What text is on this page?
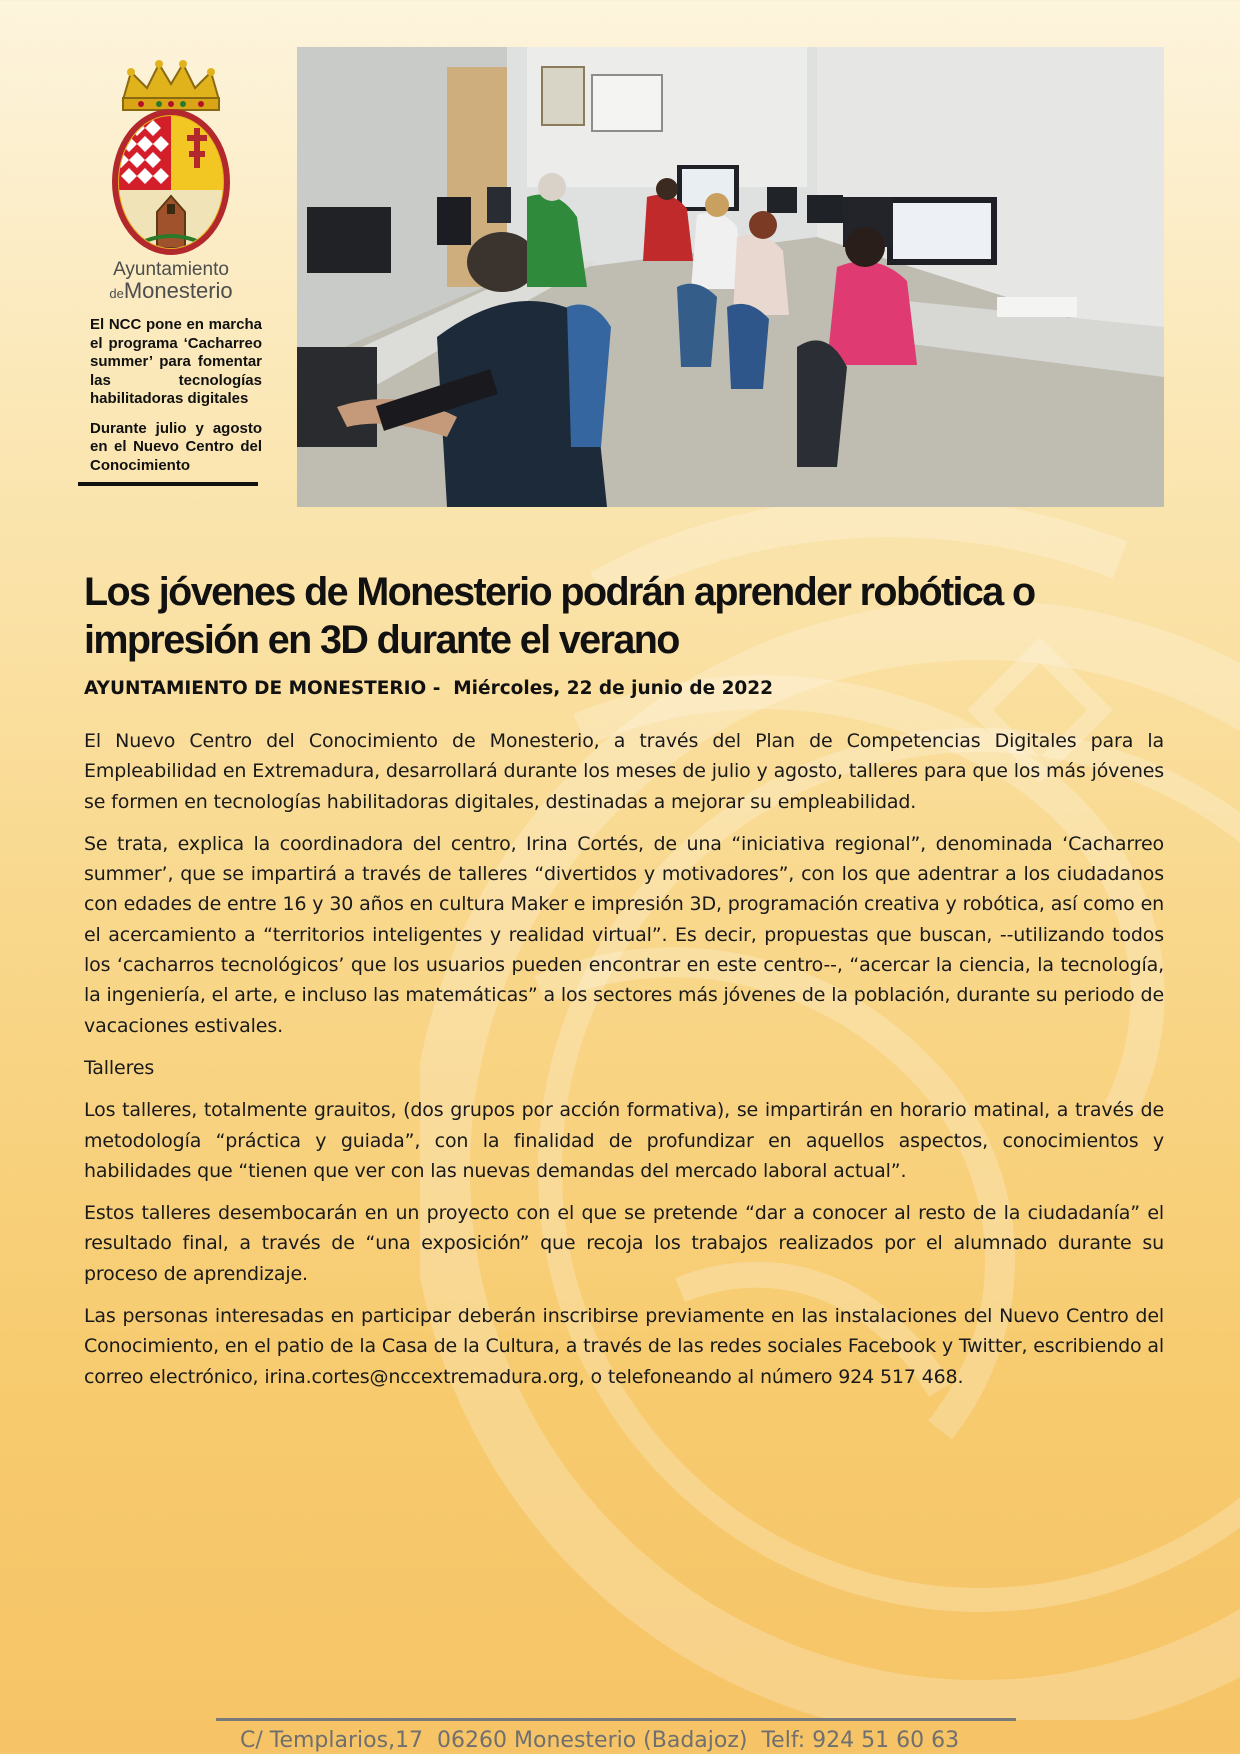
Ayuntamiento
deMonesterio
El NCC pone en marcha el programa ‘Cacharreo summer’ para fomentar las tecnologías habilitadoras digitales
Durante julio y agosto en el Nuevo Centro del Conocimiento
Los jóvenes de Monesterio podrán aprender robótica o impresión en 3D durante el verano

AYUNTAMIENTO DE MONESTERIO -  Miércoles, 22 de junio de 2022

El Nuevo Centro del Conocimiento de Monesterio, a través del Plan de Competencias Digitales para la Empleabilidad en Extremadura, desarrollará durante los meses de julio y agosto, talleres para que los más jóvenes se formen en tecnologías habilitadoras digitales, destinadas a mejorar su empleabilidad.

Se trata, explica la coordinadora del centro, Irina Cortés, de una “iniciativa regional”, denominada ‘Cacharreo summer’, que se impartirá a través de talleres “divertidos y motivadores”, con los que adentrar a los ciudadanos con edades de entre 16 y 30 años en cultura Maker e impresión 3D, programación creativa y robótica, así como en el acercamiento a “territorios inteligentes y realidad virtual”. Es decir, propuestas que buscan, --utilizando todos los ‘cacharros tecnológicos’ que los usuarios pueden encontrar en este centro--, “acercar la ciencia, la tecnología, la ingeniería, el arte, e incluso las matemáticas” a los sectores más jóvenes de la población, durante su periodo de vacaciones estivales.

Talleres

Los talleres, totalmente grauitos, (dos grupos por acción formativa), se impartirán en horario matinal, a través de metodología “práctica y guiada”, con la finalidad de profundizar en aquellos aspectos, conocimientos y habilidades que “tienen que ver con las nuevas demandas del mercado laboral actual”.

Estos talleres desembocarán en un proyecto con el que se pretende “dar a conocer al resto de la ciudadanía” el resultado final, a través de “una exposición” que recoja los trabajos realizados por el alumnado durante su proceso de aprendizaje.

Las personas interesadas en participar deberán inscribirse previamente en las instalaciones del Nuevo Centro del Conocimiento, en el patio de la Casa de la Cultura, a través de las redes sociales Facebook y Twitter, escribiendo al correo electrónico, irina.cortes@nccextremadura.org, o telefoneando al número 924 517 468.

C/ Templarios,17  06260 Monesterio (Badajoz)  Telf: 924 51 60 63
